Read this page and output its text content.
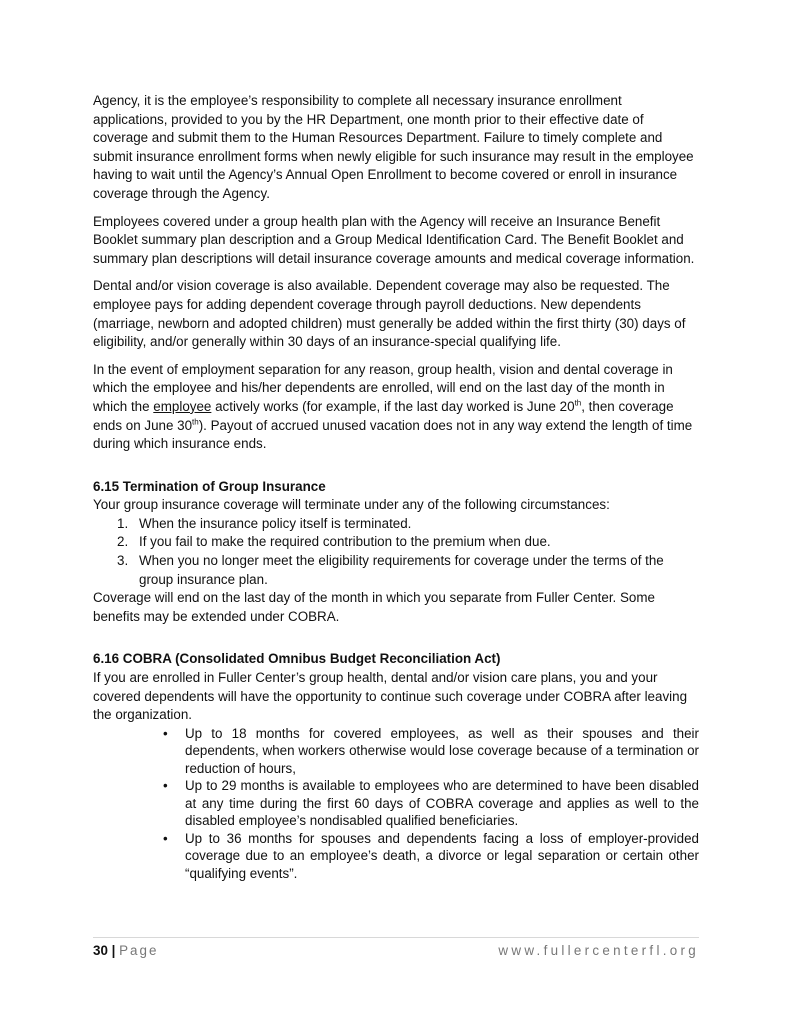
Agency, it is the employee’s responsibility to complete all necessary insurance enrollment applications, provided to you by the HR Department, one month prior to their effective date of coverage and submit them to the Human Resources Department. Failure to timely complete and submit insurance enrollment forms when newly eligible for such insurance may result in the employee having to wait until the Agency’s Annual Open Enrollment to become covered or enroll in insurance coverage through the Agency.

Employees covered under a group health plan with the Agency will receive an Insurance Benefit Booklet summary plan description and a Group Medical Identification Card. The Benefit Booklet and summary plan descriptions will detail insurance coverage amounts and medical coverage information.

Dental and/or vision coverage is also available. Dependent coverage may also be requested. The employee pays for adding dependent coverage through payroll deductions. New dependents (marriage, newborn and adopted children) must generally be added within the first thirty (30) days of eligibility, and/or generally within 30 days of an insurance-special qualifying life.

In the event of employment separation for any reason, group health, vision and dental coverage in which the employee and his/her dependents are enrolled, will end on the last day of the month in which the employee actively works (for example, if the last day worked is June 20th, then coverage ends on June 30th). Payout of accrued unused vacation does not in any way extend the length of time during which insurance ends.

6.15 Termination of Group Insurance

Your group insurance coverage will terminate under any of the following circumstances:

1. When the insurance policy itself is terminated.
2. If you fail to make the required contribution to the premium when due.
3. When you no longer meet the eligibility requirements for coverage under the terms of the group insurance plan.

Coverage will end on the last day of the month in which you separate from Fuller Center. Some benefits may be extended under COBRA.

6.16 COBRA (Consolidated Omnibus Budget Reconciliation Act)

If you are enrolled in Fuller Center’s group health, dental and/or vision care plans, you and your covered dependents will have the opportunity to continue such coverage under COBRA after leaving the organization.

• Up to 18 months for covered employees, as well as their spouses and their dependents, when workers otherwise would lose coverage because of a termination or reduction of hours,
• Up to 29 months is available to employees who are determined to have been disabled at any time during the first 60 days of COBRA coverage and applies as well to the disabled employee’s nondisabled qualified beneficiaries.
• Up to 36 months for spouses and dependents facing a loss of employer-provided coverage due to an employee’s death, a divorce or legal separation or certain other “qualifying events”.
30 | Page	www.fullercenterfl.org
